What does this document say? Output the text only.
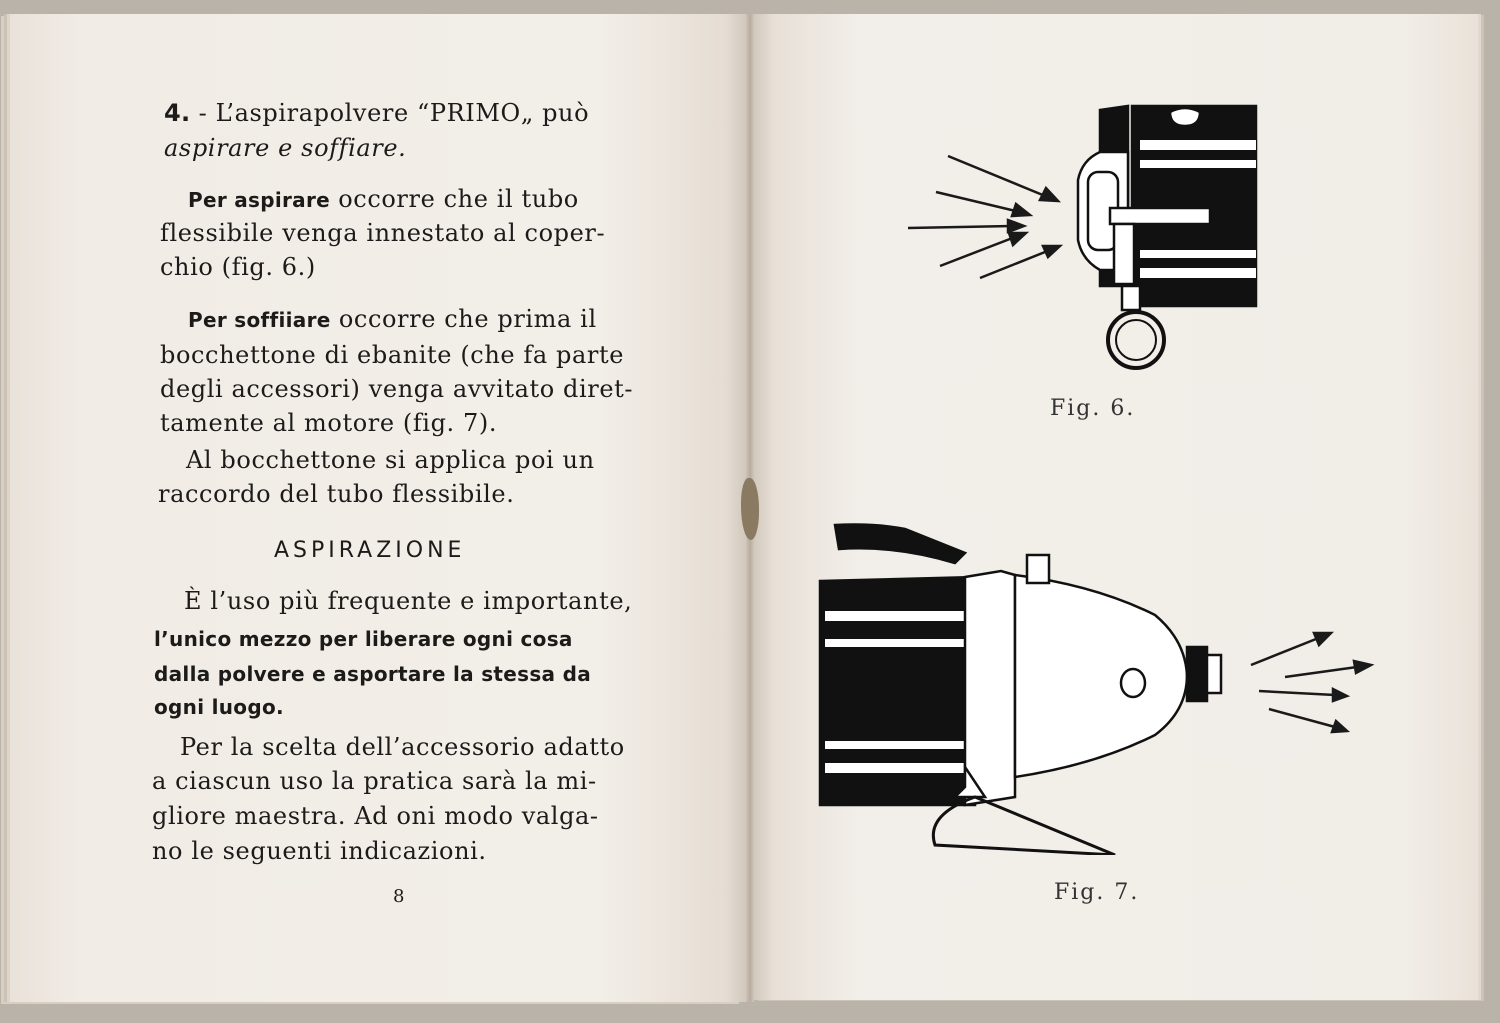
4. - L’aspirapolvere “PRIMO„ può
aspirare e soffiare.
Per aspirare occorre che il tubo
flessibile venga innestato al coper-
chio (fig. 6.)
Per soffiiare occorre che prima il
bocchettone di ebanite (che fa parte
degli accessori) venga avvitato diret-
tamente al motore (fig. 7).
Al bocchettone si applica poi un
raccordo del tubo flessibile.
ASPIRAZIONE
È l’uso più frequente e importante,
l’unico mezzo per liberare ogni cosa
dalla polvere e asportare la stessa da
ogni luogo.
Per la scelta dell’accessorio adatto
a ciascun uso la pratica sarà la mi-
gliore maestra. Ad oni modo valga-
no le seguenti indicazioni.
8
Fig. 6.
Fig. 7.
